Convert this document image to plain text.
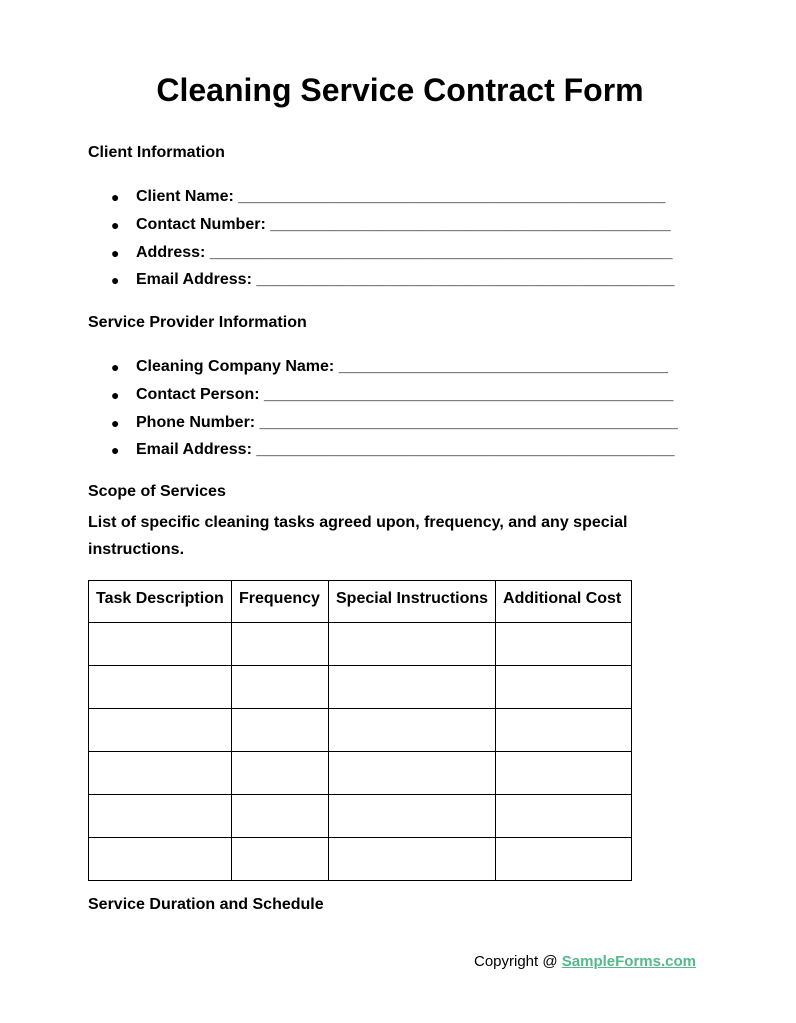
Cleaning Service Contract Form
Client Information
● Client Name: ________________________________________________
● Contact Number: _____________________________________________
● Address: ____________________________________________________
● Email Address: _______________________________________________
Service Provider Information
● Cleaning Company Name: _____________________________________
● Contact Person: ______________________________________________
● Phone Number: _______________________________________________
● Email Address: _______________________________________________
Scope of Services

List of specific cleaning tasks agreed upon, frequency, and any special instructions.

Task Description	Frequency	Special Instructions	Additional Cost

Service Duration and Schedule
Copyright @ SampleForms.com
